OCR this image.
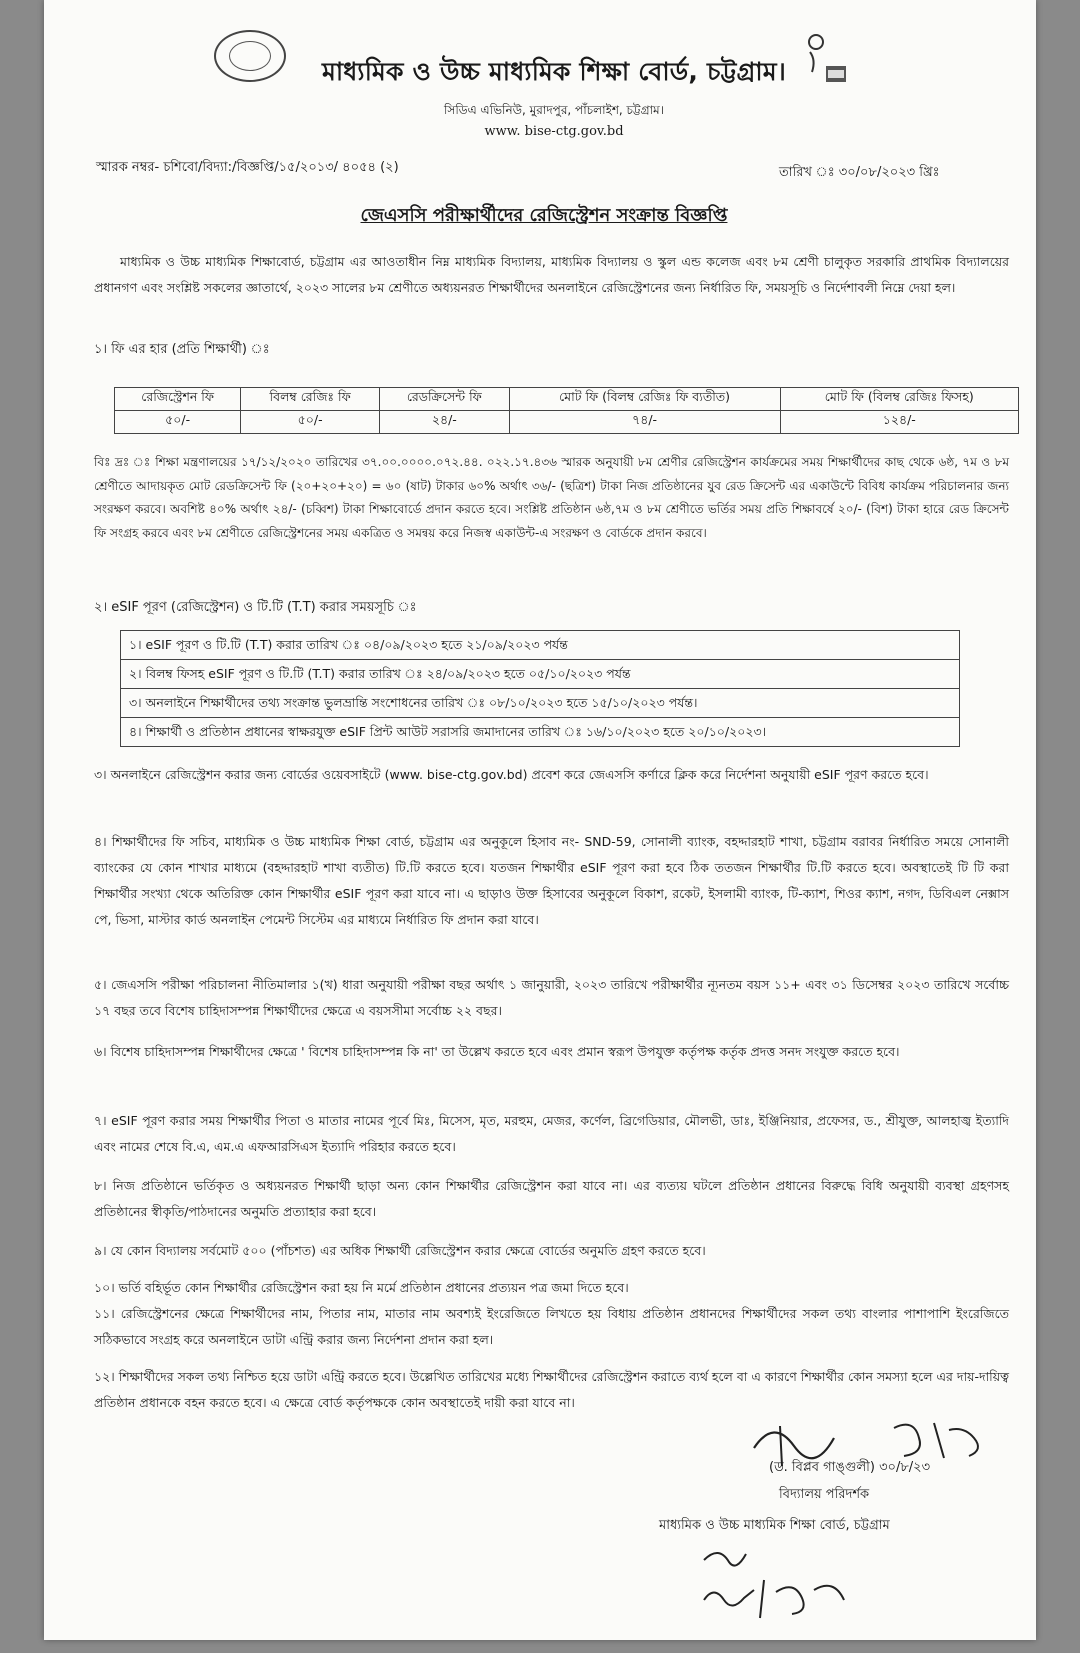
মাধ্যমিক ও উচ্চ মাধ্যমিক শিক্ষা বোর্ড, চট্টগ্রাম।
সিডিএ এভিনিউ, মুরাদপুর, পাঁচলাইশ, চট্টগ্রাম।
www. bise-ctg.gov.bd
স্মারক নম্বর- চশিবো/বিদ্যা:/বিজ্ঞপ্তি/১৫/২০১৩/ ৪০৫৪ (২)	তারিখ ঃ ৩০/০৮/২০২৩ খ্রিঃ
জেএসসি পরীক্ষার্থীদের রেজিস্ট্রেশন সংক্রান্ত বিজ্ঞপ্তি
মাধ্যমিক ও উচ্চ মাধ্যমিক শিক্ষাবোর্ড, চট্টগ্রাম এর আওতাধীন নিম্ন মাধ্যমিক বিদ্যালয়, মাধ্যমিক বিদ্যালয় ও স্কুল এন্ড কলেজ এবং ৮ম শ্রেণী চালুকৃত সরকারি প্রাথমিক বিদ্যালয়ের প্রধানগণ এবং সংশ্লিষ্ট সকলের জ্ঞাতার্থে, ২০২৩ সালের ৮ম শ্রেণীতে অধ্যয়নরত শিক্ষার্থীদের অনলাইনে রেজিস্ট্রেশনের জন্য নির্ধারিত ফি, সময়সূচি ও নির্দেশাবলী নিম্নে দেয়া হল।
১। ফি এর হার (প্রতি শিক্ষার্থী) ঃ
রেজিস্ট্রেশন ফি	বিলম্ব রেজিঃ ফি	রেডক্রিসেন্ট ফি	মোট ফি (বিলম্ব রেজিঃ ফি ব্যতীত)	মোট ফি (বিলম্ব রেজিঃ ফিসহ)
৫০/-	৫০/-	২৪/-	৭৪/-	১২৪/-
বিঃ দ্রঃ ঃ শিক্ষা মন্ত্রণালয়ের ১৭/১২/২০২০ তারিখের ৩৭.০০.০০০০.০৭২.৪৪. ০২২.১৭.৪৩৬ স্মারক অনুযায়ী ৮ম শ্রেণীর রেজিস্ট্রেশন কার্যক্রমের সময় শিক্ষার্থীদের কাছ থেকে ৬ষ্ঠ, ৭ম ও ৮ম শ্রেণীতে আদায়কৃত মোট রেডক্রিসেন্ট ফি (২০+২০+২০) = ৬০ (ষাট) টাকার ৬০% অর্থাৎ ৩৬/- (ছত্রিশ) টাকা নিজ প্রতিষ্ঠানের যুব রেড ক্রিসেন্ট এর একাউন্টে বিবিধ কার্যক্রম পরিচালনার জন্য সংরক্ষণ করবে। অবশিষ্ট ৪০% অর্থাৎ ২৪/- (চব্বিশ) টাকা শিক্ষাবোর্ডে প্রদান করতে হবে। সংশ্লিষ্ট প্রতিষ্ঠান ৬ষ্ঠ,৭ম ও ৮ম শ্রেণীতে ভর্তির সময় প্রতি শিক্ষাবর্ষে ২০/- (বিশ) টাকা হারে রেড ক্রিসেন্ট ফি সংগ্রহ করবে এবং ৮ম শ্রেণীতে রেজিস্ট্রেশনের সময় একত্রিত ও সমন্বয় করে নিজস্ব একাউন্ট-এ সংরক্ষণ ও বোর্ডকে প্রদান করবে।
২। eSIF পূরণ (রেজিস্ট্রেশন) ও টি.টি (T.T) করার সময়সূচি ঃ
১। eSIF পূরণ ও টি.টি (T.T) করার তারিখ ঃ ০৪/০৯/২০২৩ হতে ২১/০৯/২০২৩ পর্যন্ত
২। বিলম্ব ফিসহ eSIF পূরণ ও টি.টি (T.T) করার তারিখ ঃ ২৪/০৯/২০২৩ হতে ০৫/১০/২০২৩ পর্যন্ত
৩। অনলাইনে শিক্ষার্থীদের তথ্য সংক্রান্ত ভুলভ্রান্তি সংশোধনের তারিখ ঃ ০৮/১০/২০২৩ হতে ১৫/১০/২০২৩ পর্যন্ত।
৪। শিক্ষার্থী ও প্রতিষ্ঠান প্রধানের স্বাক্ষরযুক্ত eSIF প্রিন্ট আউট সরাসরি জমাদানের তারিখ ঃ ১৬/১০/২০২৩ হতে ২০/১০/২০২৩।
৩। অনলাইনে রেজিস্ট্রেশন করার জন্য বোর্ডের ওয়েবসাইটে (www. bise-ctg.gov.bd) প্রবেশ করে জেএসসি কর্ণারে ক্লিক করে নির্দেশনা অনুযায়ী eSIF পূরণ করতে হবে।
৪। শিক্ষার্থীদের ফি সচিব, মাধ্যমিক ও উচ্চ মাধ্যমিক শিক্ষা বোর্ড, চট্টগ্রাম এর অনুকূলে হিসাব নং- SND-59, সোনালী ব্যাংক, বহদ্দারহাট শাখা, চট্টগ্রাম বরাবর নির্ধারিত সময়ে সোনালী ব্যাংকের যে কোন শাখার মাধ্যমে (বহদ্দারহাট শাখা ব্যতীত) টি.টি করতে হবে। যতজন শিক্ষার্থীর eSIF পূরণ করা হবে ঠিক ততজন শিক্ষার্থীর টি.টি করতে হবে। অবস্থাতেই টি টি করা শিক্ষার্থীর সংখ্যা থেকে অতিরিক্ত কোন শিক্ষার্থীর eSIF পূরণ করা যাবে না। এ ছাড়াও উক্ত হিসাবের অনুকূলে বিকাশ, রকেট, ইসলামী ব্যাংক, টি-ক্যাশ, শিওর ক্যাশ, নগদ, ডিবিএল নেক্সাস পে, ভিসা, মাস্টার কার্ড অনলাইন পেমেন্ট সিস্টেম এর মাধ্যমে নির্ধারিত ফি প্রদান করা যাবে।
৫। জেএসসি পরীক্ষা পরিচালনা নীতিমালার ১(খ) ধারা অনুযায়ী পরীক্ষা বছর অর্থাৎ ১ জানুয়ারী, ২০২৩ তারিখে পরীক্ষার্থীর ন্যূনতম বয়স ১১+ এবং ৩১ ডিসেম্বর ২০২৩ তারিখে সর্বোচ্চ ১৭ বছর তবে বিশেষ চাহিদাসম্পন্ন শিক্ষার্থীদের ক্ষেত্রে এ বয়সসীমা সর্বোচ্চ ২২ বছর।
৬। বিশেষ চাহিদাসম্পন্ন শিক্ষার্থীদের ক্ষেত্রে ' বিশেষ চাহিদাসম্পন্ন কি না' তা উল্লেখ করতে হবে এবং প্রমান স্বরূপ উপযুক্ত কর্তৃপক্ষ কর্তৃক প্রদত্ত সনদ সংযুক্ত করতে হবে।
৭। eSIF পূরণ করার সময় শিক্ষার্থীর পিতা ও মাতার নামের পূর্বে মিঃ, মিসেস, মৃত, মরহুম, মেজর, কর্ণেল, ব্রিগেডিয়ার, মৌলভী, ডাঃ, ইঞ্জিনিয়ার, প্রফেসর, ড., শ্রীযুক্ত, আলহাজ্ব ইত্যাদি এবং নামের শেষে বি.এ, এম.এ এফআরসিএস ইত্যাদি পরিহার করতে হবে।
৮। নিজ প্রতিষ্ঠানে ভর্তিকৃত ও অধ্যয়নরত শিক্ষার্থী ছাড়া অন্য কোন শিক্ষার্থীর রেজিস্ট্রেশন করা যাবে না। এর ব্যত্যয় ঘটলে প্রতিষ্ঠান প্রধানের বিরুদ্ধে বিধি অনুযায়ী ব্যবস্থা গ্রহণসহ প্রতিষ্ঠানের স্বীকৃতি/পাঠদানের অনুমতি প্রত্যাহার করা হবে।
৯। যে কোন বিদ্যালয় সর্বমোট ৫০০ (পাঁচশত) এর অধিক শিক্ষার্থী রেজিস্ট্রেশন করার ক্ষেত্রে বোর্ডের অনুমতি গ্রহণ করতে হবে।
১০। ভর্তি বহির্ভূত কোন শিক্ষার্থীর রেজিস্ট্রেশন করা হয় নি মর্মে প্রতিষ্ঠান প্রধানের প্রত্যয়ন পত্র জমা দিতে হবে।
১১। রেজিস্ট্রেশনের ক্ষেত্রে শিক্ষার্থীদের নাম, পিতার নাম, মাতার নাম অবশ্যই ইংরেজিতে লিখতে হয় বিধায় প্রতিষ্ঠান প্রধানদের শিক্ষার্থীদের সকল তথ্য বাংলার পাশাপাশি ইংরেজিতে সঠিকভাবে সংগ্রহ করে অনলাইনে ডাটা এন্ট্রি করার জন্য নির্দেশনা প্রদান করা হল।
১২। শিক্ষার্থীদের সকল তথ্য নিশ্চিত হয়ে ডাটা এন্ট্রি করতে হবে। উল্লেখিত তারিখের মধ্যে শিক্ষার্থীদের রেজিস্ট্রেশন করাতে ব্যর্থ হলে বা এ কারণে শিক্ষার্থীর কোন সমস্যা হলে এর দায়-দায়িত্ব প্রতিষ্ঠান প্রধানকে বহন করতে হবে। এ ক্ষেত্রে বোর্ড কর্তৃপক্ষকে কোন অবস্থাতেই দায়ী করা যাবে না।
(ড. বিপ্লব গাঙ্গুলী) ৩০/৮/২৩
বিদ্যালয় পরিদর্শক
মাধ্যমিক ও উচ্চ মাধ্যমিক শিক্ষা বোর্ড, চট্টগ্রাম
